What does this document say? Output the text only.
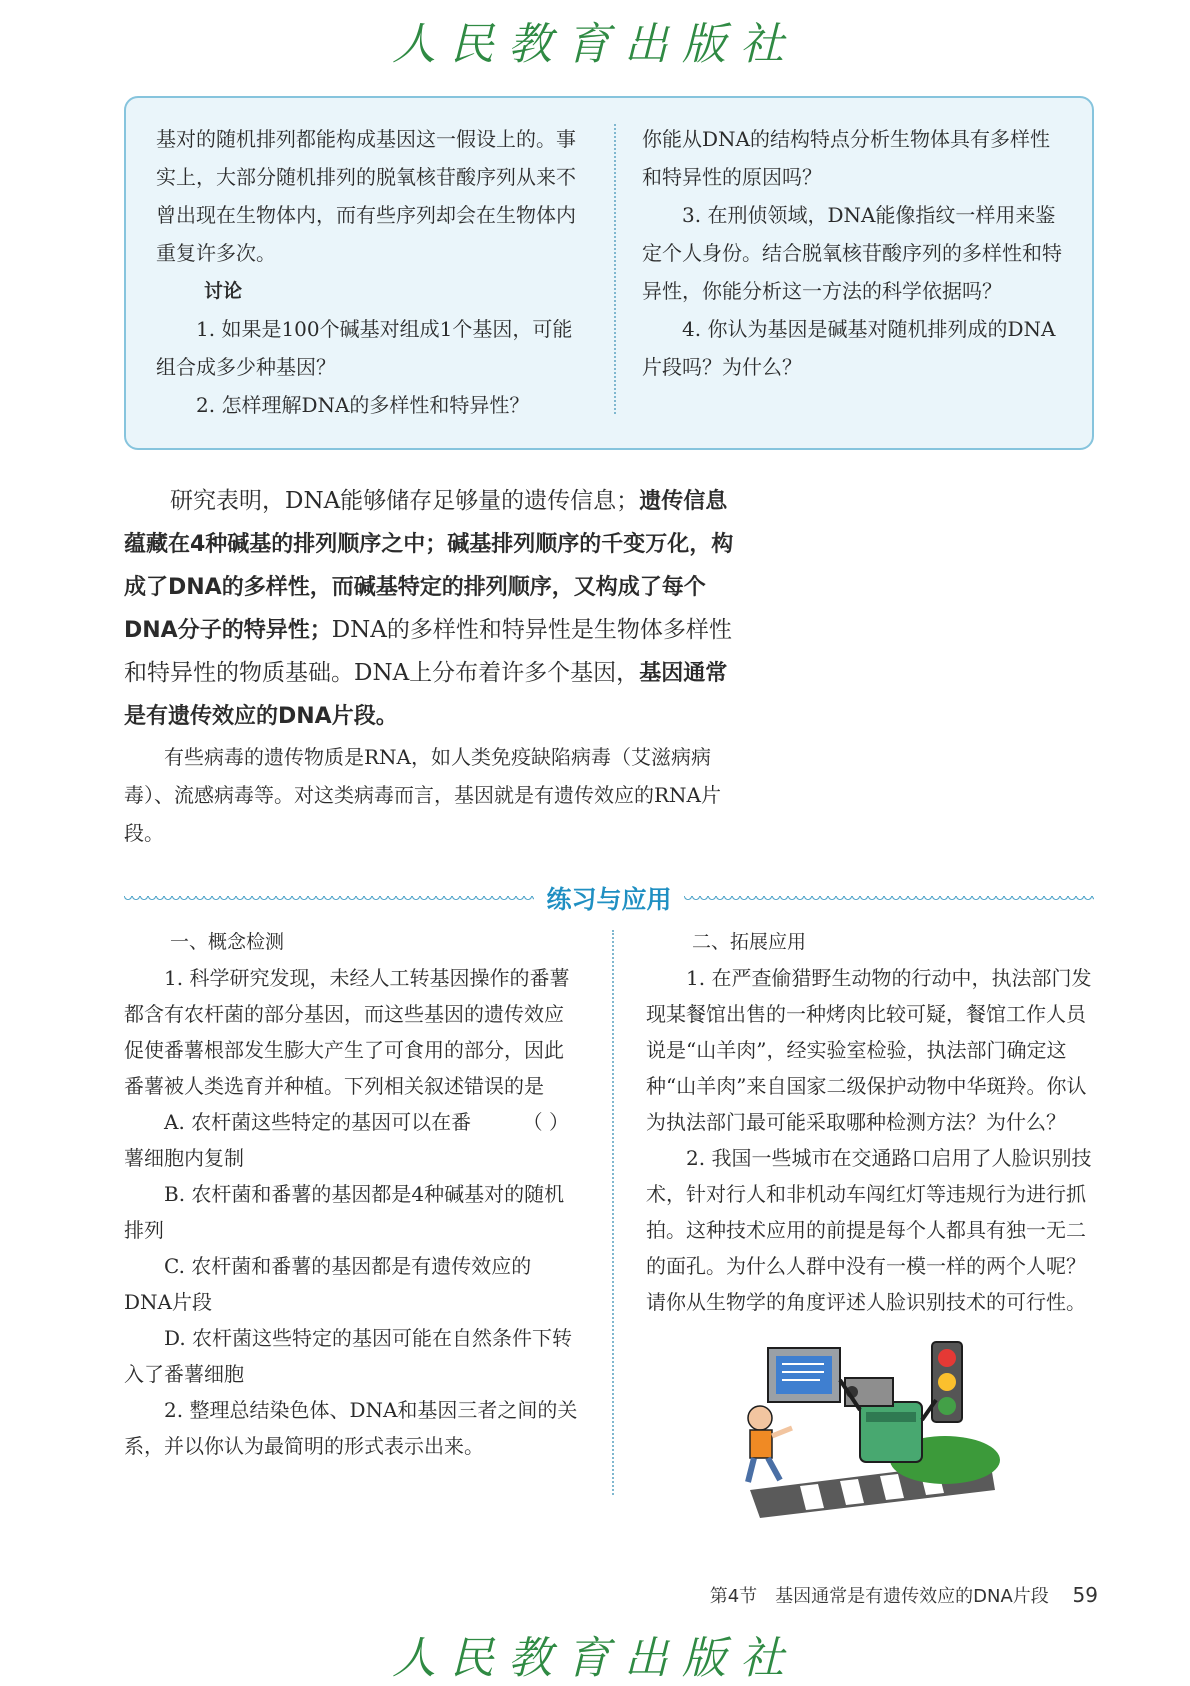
人民教育出版社

基对的随机排列都能构成基因这一假设上的。事实上，大部分随机排列的脱氧核苷酸序列从来不曾出现在生物体内，而有些序列却会在生物体内重复许多次。

讨论

1. 如果是100个碱基对组成1个基因，可能组合成多少种基因？

2. 怎样理解DNA的多样性和特异性？

你能从DNA的结构特点分析生物体具有多样性和特异性的原因吗？

3. 在刑侦领域，DNA能像指纹一样用来鉴定个人身份。结合脱氧核苷酸序列的多样性和特异性，你能分析这一方法的科学依据吗？

4. 你认为基因是碱基对随机排列成的DNA片段吗？为什么？

研究表明，DNA能够储存足够量的遗传信息；遗传信息蕴藏在4种碱基的排列顺序之中；碱基排列顺序的千变万化，构成了DNA的多样性，而碱基特定的排列顺序，又构成了每个DNA分子的特异性；DNA的多样性和特异性是生物体多样性和特异性的物质基础。DNA上分布着许多个基因，基因通常是有遗传效应的DNA片段。

有些病毒的遗传物质是RNA，如人类免疫缺陷病毒（艾滋病病毒）、流感病毒等。对这类病毒而言，基因就是有遗传效应的RNA片段。

练习与应用

一、概念检测

1. 科学研究发现，未经人工转基因操作的番薯都含有农杆菌的部分基因，而这些基因的遗传效应促使番薯根部发生膨大产生了可食用的部分，因此番薯被人类选育并种植。下列相关叙述错误的是
（ ）

A. 农杆菌这些特定的基因可以在番薯细胞内复制

B. 农杆菌和番薯的基因都是4种碱基对的随机排列

C. 农杆菌和番薯的基因都是有遗传效应的DNA片段

D. 农杆菌这些特定的基因可能在自然条件下转入了番薯细胞

2. 整理总结染色体、DNA和基因三者之间的关系，并以你认为最简明的形式表示出来。

二、拓展应用

1. 在严查偷猎野生动物的行动中，执法部门发现某餐馆出售的一种烤肉比较可疑，餐馆工作人员说是“山羊肉”，经实验室检验，执法部门确定这种“山羊肉”来自国家二级保护动物中华斑羚。你认为执法部门最可能采取哪种检测方法？为什么？

2. 我国一些城市在交通路口启用了人脸识别技术，针对行人和非机动车闯红灯等违规行为进行抓拍。这种技术应用的前提是每个人都具有独一无二的面孔。为什么人群中没有一模一样的两个人呢？请你从生物学的角度评述人脸识别技术的可行性。

第4节　基因通常是有遗传效应的DNA片段 59
人民教育出版社
